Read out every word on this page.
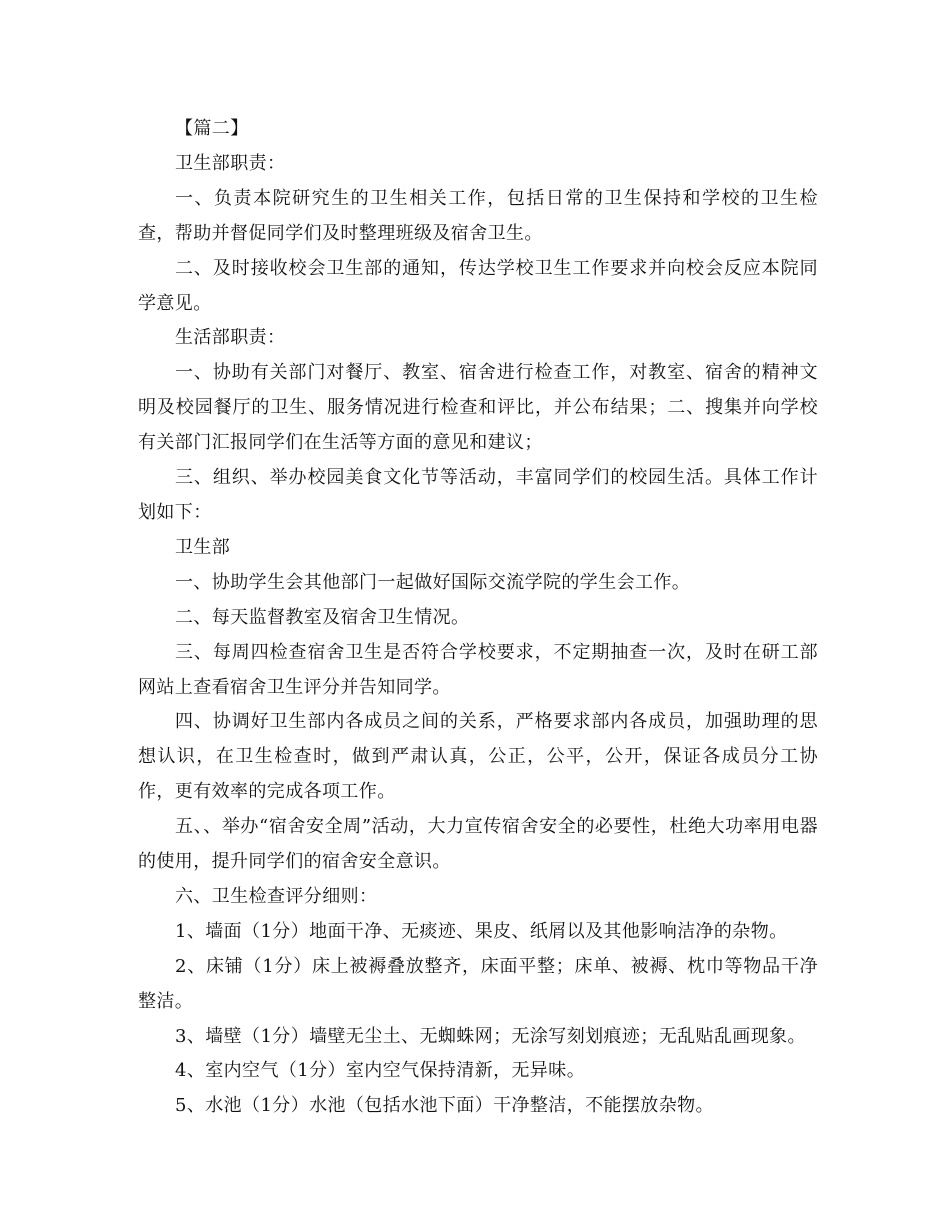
【篇二】

卫生部职责：

一、负责本院研究生的卫生相关工作，包括日常的卫生保持和学校的卫生检查，帮助并督促同学们及时整理班级及宿舍卫生。

二、及时接收校会卫生部的通知，传达学校卫生工作要求并向校会反应本院同学意见。

生活部职责：

一、协助有关部门对餐厅、教室、宿舍进行检查工作，对教室、宿舍的精神文明及校园餐厅的卫生、服务情况进行检查和评比，并公布结果；二、搜集并向学校有关部门汇报同学们在生活等方面的意见和建议；

三、组织、举办校园美食文化节等活动，丰富同学们的校园生活。具体工作计划如下：

卫生部

一、协助学生会其他部门一起做好国际交流学院的学生会工作。

二、每天监督教室及宿舍卫生情况。

三、每周四检查宿舍卫生是否符合学校要求，不定期抽查一次，及时在研工部网站上查看宿舍卫生评分并告知同学。

四、协调好卫生部内各成员之间的关系，严格要求部内各成员，加强助理的思想认识，在卫生检查时，做到严肃认真，公正，公平，公开，保证各成员分工协作，更有效率的完成各项工作。

五、、举办“宿舍安全周”活动，大力宣传宿舍安全的必要性，杜绝大功率用电器的使用，提升同学们的宿舍安全意识。

六、卫生检查评分细则：

1、墙面（1分）地面干净、无痰迹、果皮、纸屑以及其他影响洁净的杂物。

2、床铺（1分）床上被褥叠放整齐，床面平整；床单、被褥、枕巾等物品干净整洁。

3、墙壁（1分）墙壁无尘土、无蜘蛛网；无涂写刻划痕迹；无乱贴乱画现象。

4、室内空气（1分）室内空气保持清新，无异味。

5、水池（1分）水池（包括水池下面）干净整洁，不能摆放杂物。
